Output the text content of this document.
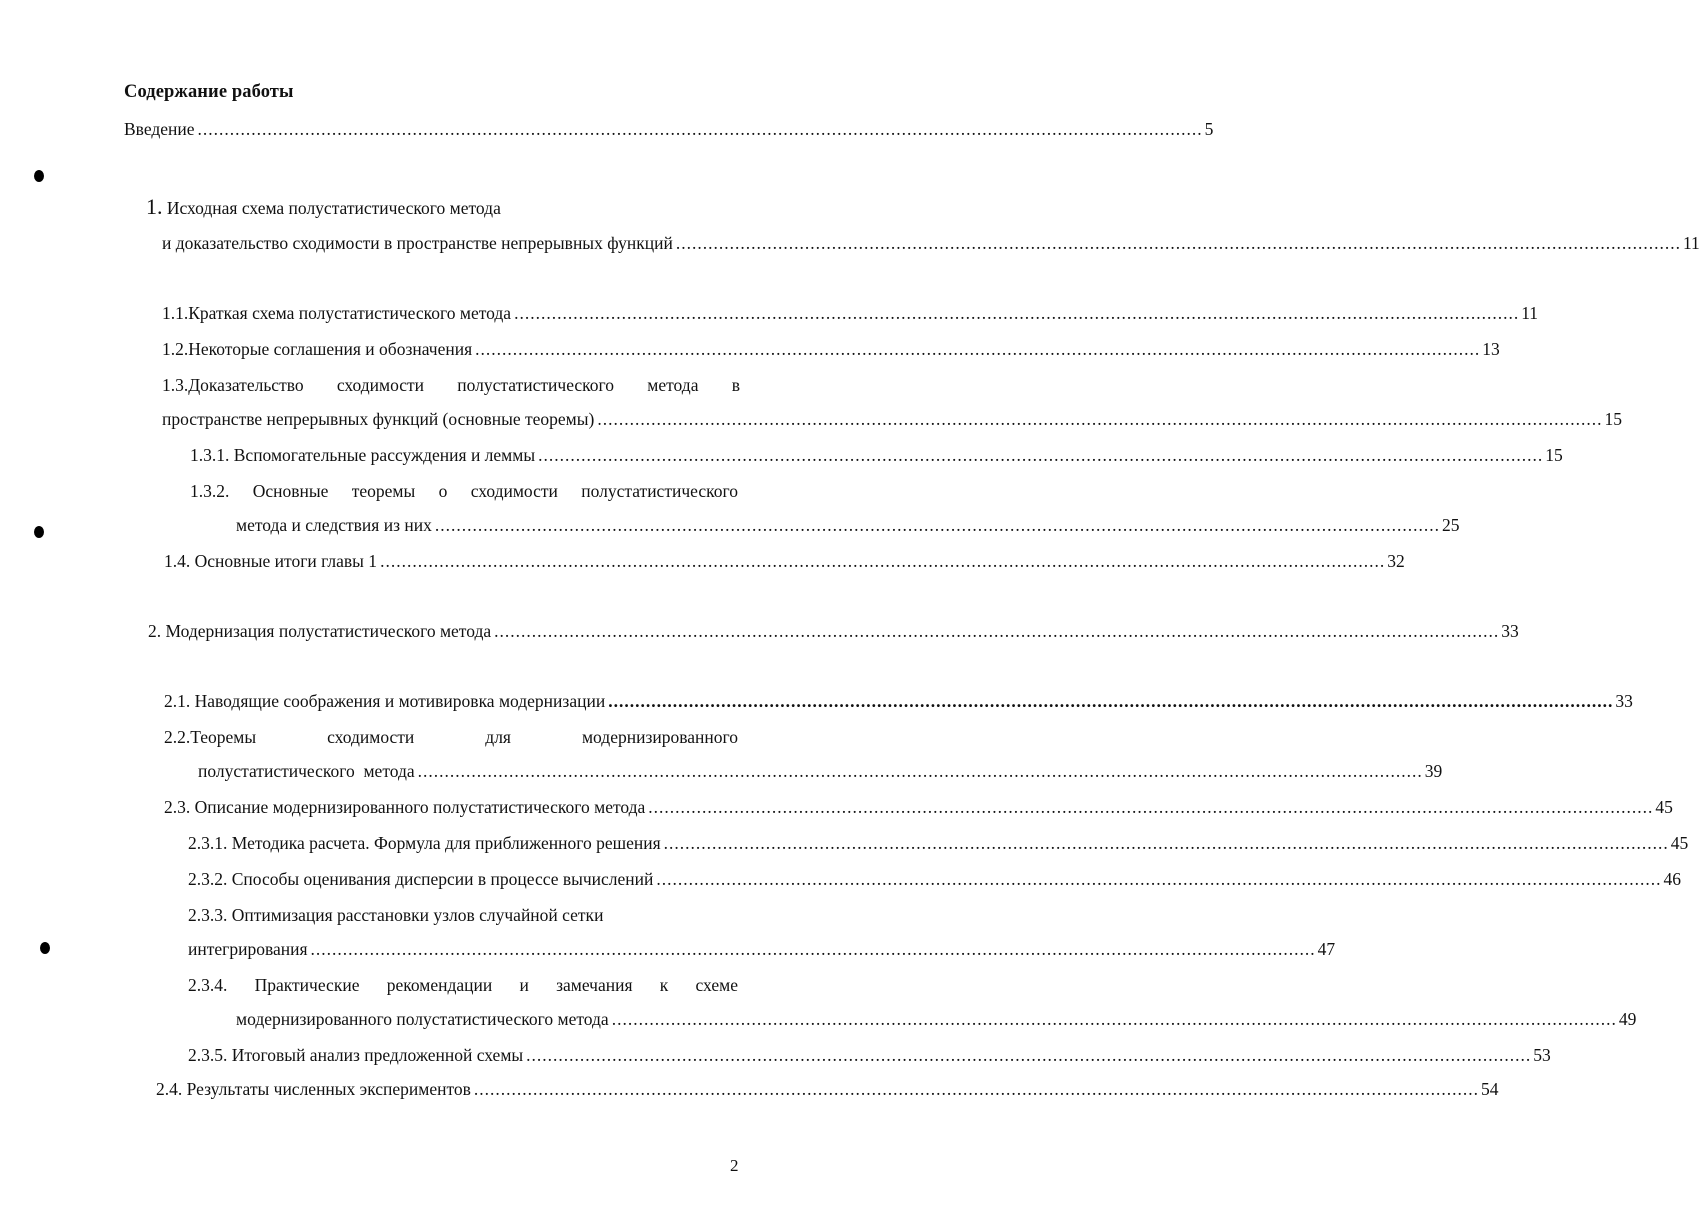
Содержание работы
Введение ........................................................................................................................................................................................... 5
1. Исходная схема полустатистического метода
и доказательство сходимости в пространстве непрерывных функций ........................................................................................................................................................................................... 11
1.1.Краткая схема полустатистического метода ........................................................................................................................................................................................... 11
1.2.Некоторые соглашения и обозначения ........................................................................................................................................................................................... 13
1.3.Доказательство сходимости полустатистического метода в
пространстве непрерывных функций (основные теоремы) ........................................................................................................................................................................................... 15
1.3.1. Вспомогательные рассуждения и леммы ........................................................................................................................................................................................... 15
1.3.2. Основные теоремы о сходимости полустатистического
метода и следствия из них ........................................................................................................................................................................................... 25
1.4. Основные итоги главы 1 ........................................................................................................................................................................................... 32
2. Модернизация полустатистического метода ........................................................................................................................................................................................... 33
2.1. Наводящие соображения и мотивировка модернизации ........................................................................................................................................................................................... 33
2.2.Теоремы	сходимости	для	модернизированного
полустатистического  метода ........................................................................................................................................................................................... 39
2.3. Описание модернизированного полустатистического метода ........................................................................................................................................................................................... 45
2.3.1. Методика расчета. Формула для приближенного решения ........................................................................................................................................................................................... 45
2.3.2. Способы оценивания дисперсии в процессе вычислений ........................................................................................................................................................................................... 46
2.3.3. Оптимизация расстановки узлов случайной сетки
интегрирования ........................................................................................................................................................................................... 47
2.3.4. Практические рекомендации и замечания к схеме
модернизированного полустатистического метода ........................................................................................................................................................................................... 49
2.3.5. Итоговый анализ предложенной схемы ........................................................................................................................................................................................... 53
2.4. Результаты численных экспериментов ........................................................................................................................................................................................... 54
2
